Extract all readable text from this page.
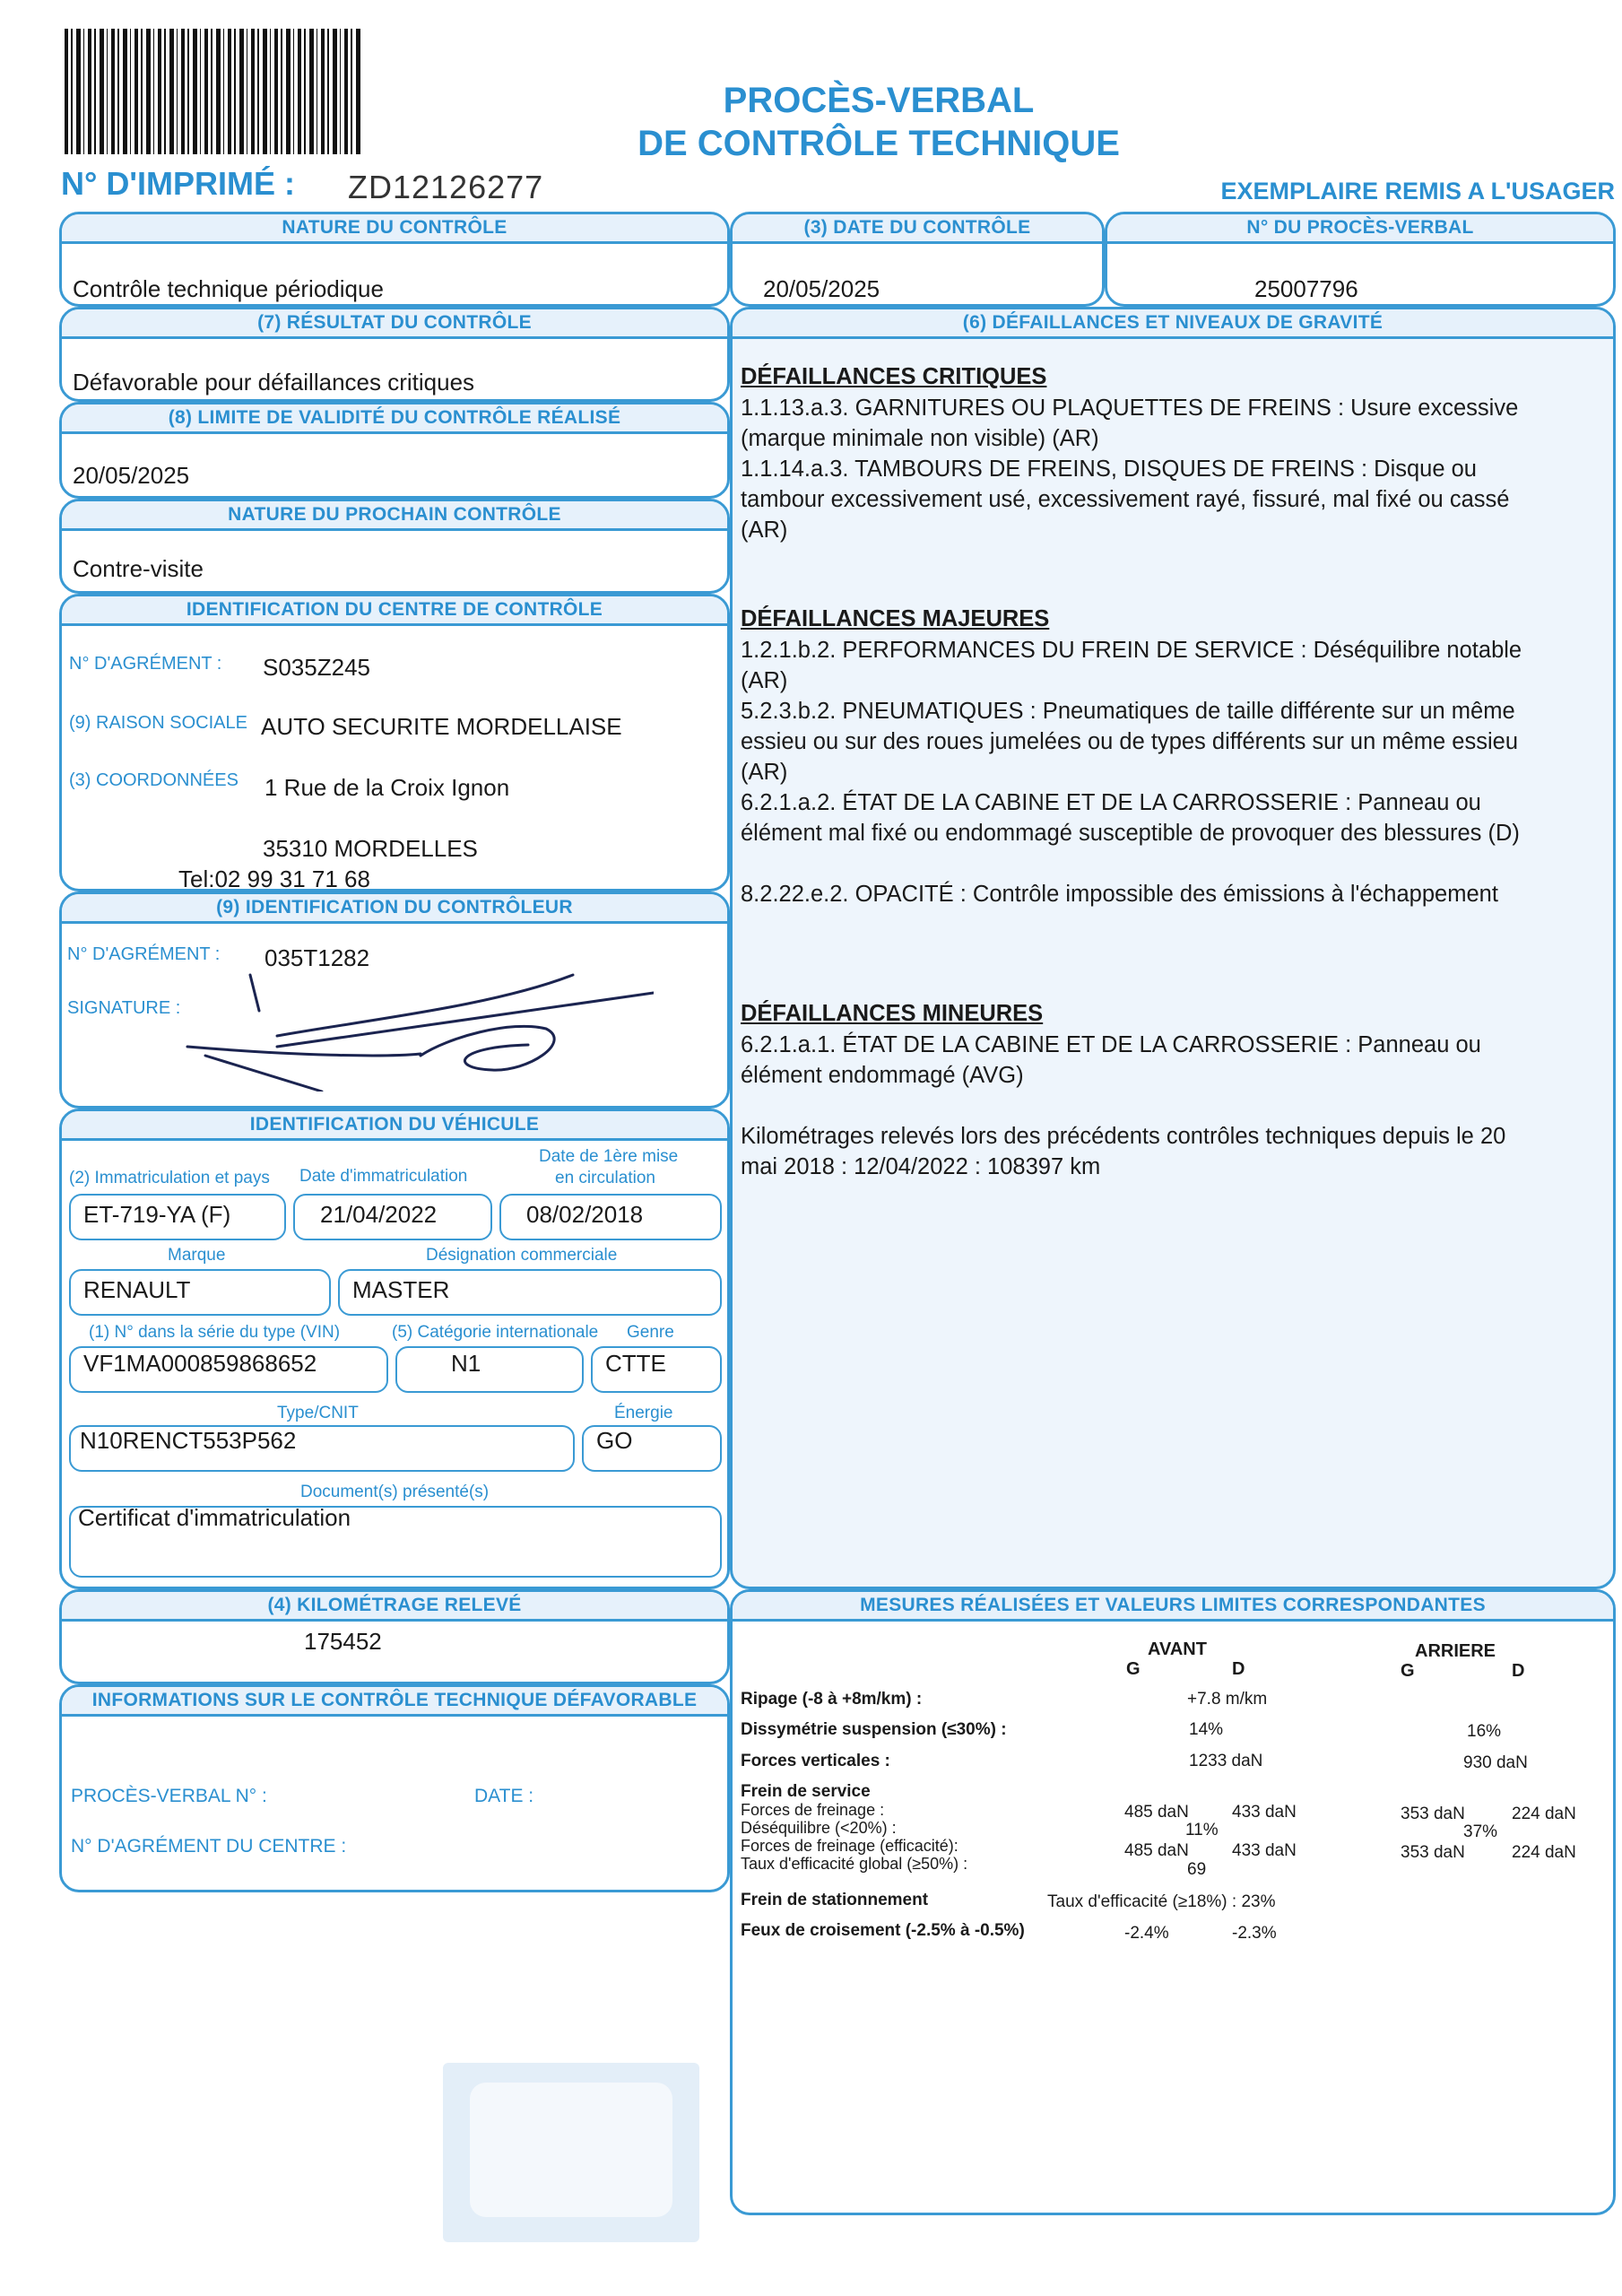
PROCÈS-VERBAL
DE CONTRÔLE TECHNIQUE
N° D'IMPRIMÉ : ZD12126277	EXEMPLAIRE REMIS A L'USAGER
NATURE DU CONTRÔLE
Contrôle technique périodique
(7) RÉSULTAT DU CONTRÔLE
Défavorable pour défaillances critiques
(8) LIMITE DE VALIDITÉ DU CONTRÔLE RÉALISÉ
20/05/2025
NATURE DU PROCHAIN CONTRÔLE
Contre-visite
IDENTIFICATION DU CENTRE DE CONTRÔLE
N° D'AGRÉMENT : S035Z245
(9) RAISON SOCIALE AUTO SECURITE MORDELLAISE
(3) COORDONNÉES 1 Rue de la Croix Ignon
35310 MORDELLES
Tel:02 99 31 71 68
(9) IDENTIFICATION DU CONTRÔLEUR
N° D'AGRÉMENT : 035T1282
SIGNATURE :
IDENTIFICATION DU VÉHICULE
(2) Immatriculation et pays Date d'immatriculation
Date de 1ère mise
en circulation
ET-719-YA (F)	21/04/2022	08/02/2018
Marque	Désignation commerciale
RENAULT	MASTER
(1) N° dans la série du type (VIN)	(5) Catégorie internationale Genre
VF1MA000859868652	N1	CTTE
Type/CNIT	Énergie
N10RENCT553P562	GO
Document(s) présenté(s)
Certificat d'immatriculation
(4) KILOMÉTRAGE RELEVÉ
175452
INFORMATIONS SUR LE CONTRÔLE TECHNIQUE DÉFAVORABLE
PROCÈS-VERBAL N° :	DATE :
N° D'AGRÉMENT DU CENTRE :
(3) DATE DU CONTRÔLE
20/05/2025
N° DU PROCÈS-VERBAL
25007796
(6) DÉFAILLANCES ET NIVEAUX DE GRAVITÉ
DÉFAILLANCES CRITIQUES
1.1.13.a.3. GARNITURES OU PLAQUETTES DE FREINS : Usure excessive (marque minimale non visible) (AR)
1.1.14.a.3. TAMBOURS DE FREINS, DISQUES DE FREINS : Disque ou tambour excessivement usé, excessivement rayé, fissuré, mal fixé ou cassé (AR)
DÉFAILLANCES MAJEURES
1.2.1.b.2. PERFORMANCES DU FREIN DE SERVICE : Déséquilibre notable (AR)
5.2.3.b.2. PNEUMATIQUES : Pneumatiques de taille différente sur un même essieu ou sur des roues jumelées ou de types différents sur un même essieu (AR)
6.2.1.a.2. ÉTAT DE LA CABINE ET DE LA CARROSSERIE : Panneau ou élément mal fixé ou endommagé susceptible de provoquer des blessures (D)
8.2.22.e.2. OPACITÉ : Contrôle impossible des émissions à l'échappement
DÉFAILLANCES MINEURES
6.2.1.a.1. ÉTAT DE LA CABINE ET DE LA CARROSSERIE : Panneau ou élément endommagé (AVG)
Kilométrages relevés lors des précédents contrôles techniques depuis le 20 mai 2018 : 12/04/2022 : 108397 km
MESURES RÉALISÉES ET VALEURS LIMITES CORRESPONDANTES
AVANT	ARRIERE
G	D	G	D
Ripage (-8 à +8m/km) :	+7.8 m/km
Dissymétrie suspension (≤30%) :	14%	16%
Forces verticales :	1233 daN	930 daN
Frein de service
Forces de freinage :	485 daN	433 daN	353 daN	224 daN
Déséquilibre (<20%) :	11%	37%
Forces de freinage (efficacité):	485 daN	433 daN	353 daN	224 daN
Taux d'efficacité global (≥50%) :	69
Frein de stationnement	Taux d'efficacité (≥18%) : 23%
Feux de croisement (-2.5% à -0.5%)	-2.4%	-2.3%
